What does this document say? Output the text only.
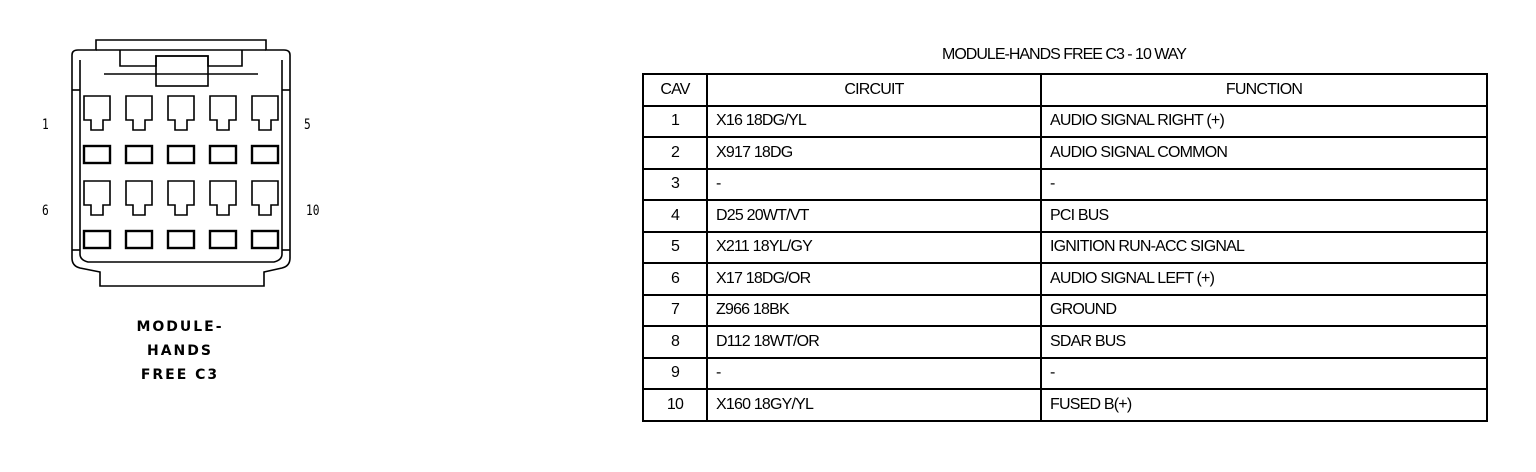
1	5
6	10
MODULE-
HANDS
FREE C3
MODULE-HANDS FREE C3 - 10 WAY
CAV	CIRCUIT	FUNCTION
1	X16 18DG/YL	AUDIO SIGNAL RIGHT (+)
2	X917 18DG	AUDIO SIGNAL COMMON
3	-	-
4	D25 20WT/VT	PCI BUS
5	X211 18YL/GY	IGNITION RUN-ACC SIGNAL
6	X17 18DG/OR	AUDIO SIGNAL LEFT (+)
7	Z966 18BK	GROUND
8	D112 18WT/OR	SDAR BUS
9	-	-
10	X160 18GY/YL	FUSED B(+)
